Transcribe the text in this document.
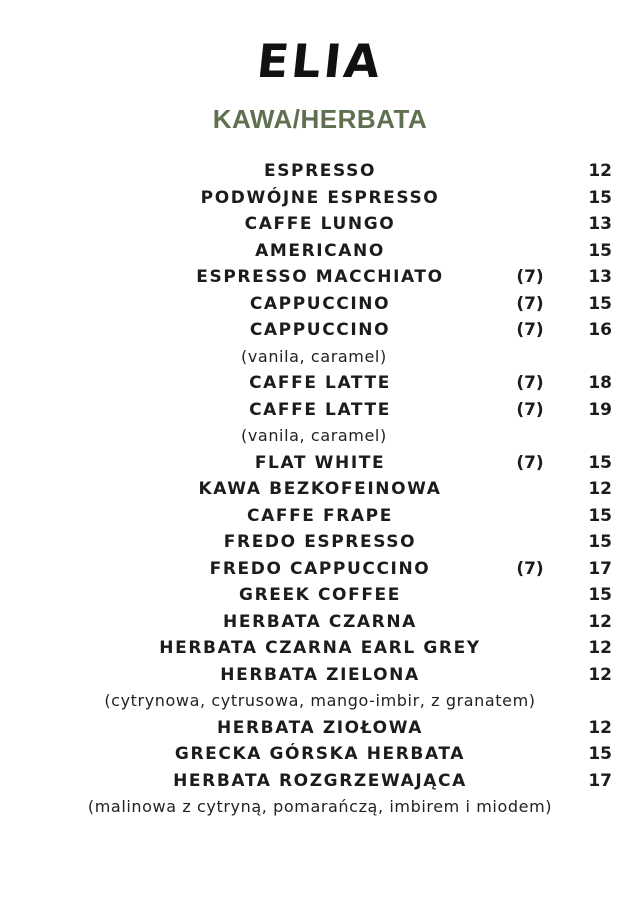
ELIA
KAWA/HERBATA
ESPRESSO	12
PODWÓJNE ESPRESSO	15
CAFFE LUNGO	13
AMERICANO	15
ESPRESSO MACCHIATO	(7)	13
CAPPUCCINO	(7)	15
CAPPUCCINO	(7)	16
(vanila, caramel)
CAFFE LATTE	(7)	18
CAFFE LATTE	(7)	19
(vanila, caramel)
FLAT WHITE	(7)	15
KAWA BEZKOFEINOWA	12
CAFFE FRAPE	15
FREDO ESPRESSO	15
FREDO CAPPUCCINO	(7)	17
GREEK COFFEE	15
HERBATA CZARNA	12
HERBATA CZARNA EARL GREY	12
HERBATA ZIELONA	12
(cytrynowa, cytrusowa, mango-imbir, z granatem)
HERBATA ZIOŁOWA	12
GRECKA GÓRSKA HERBATA	15
HERBATA ROZGRZEWAJĄCA	17
(malinowa z cytryną, pomarańczą, imbirem i miodem)
